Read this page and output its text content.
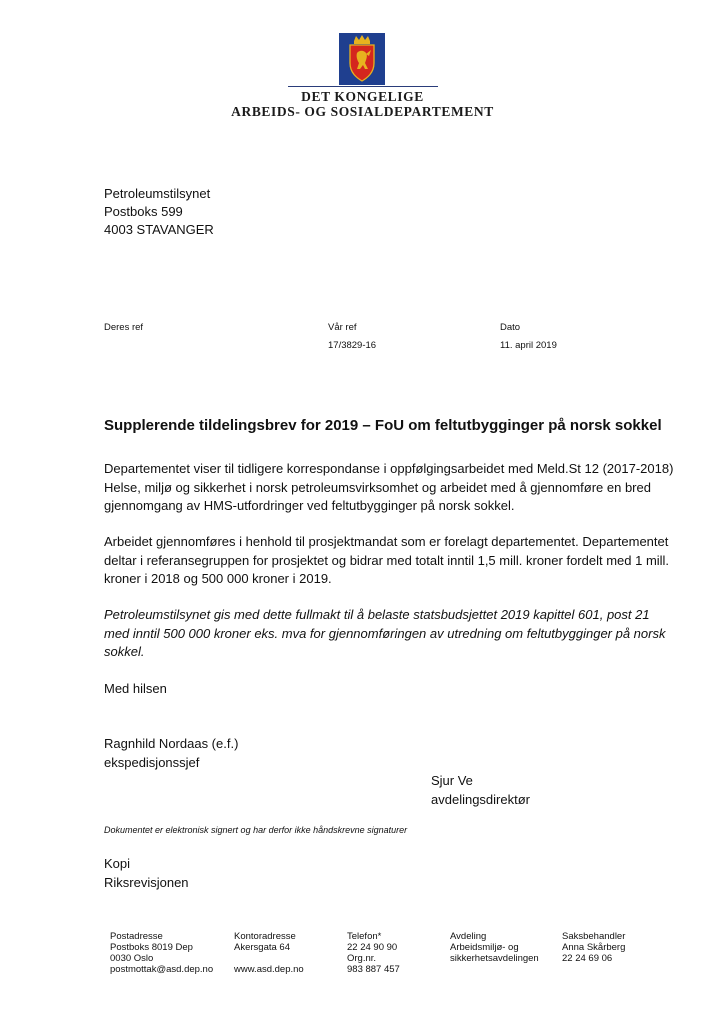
DET KONGELIGE
ARBEIDS- OG SOSIALDEPARTEMENT
Petroleumstilsynet
Postboks 599
4003 STAVANGER
Deres ref	Vår ref
17/3829-16
Dato
11. april 2019
Supplerende tildelingsbrev for 2019 – FoU om feltutbygginger på norsk sokkel
Departementet viser til tidligere korrespondanse i oppfølgingsarbeidet med Meld.St 12 (2017-2018) Helse, miljø og sikkerhet i norsk petroleumsvirksomhet og arbeidet med å gjennomføre en bred gjennomgang av HMS-utfordringer ved feltutbygginger på norsk sokkel.
Arbeidet gjennomføres i henhold til prosjektmandat som er forelagt departementet. Departementet deltar i referansegruppen for prosjektet og bidrar med totalt inntil 1,5 mill. kroner fordelt med 1 mill. kroner i 2018 og 500 000 kroner i 2019.
Petroleumstilsynet gis med dette fullmakt til å belaste statsbudsjettet 2019 kapittel 601, post 21 med inntil 500 000 kroner eks. mva for gjennomføringen av utredning om feltutbygginger på norsk sokkel.
Med hilsen
Ragnhild Nordaas (e.f.)
ekspedisjonssjef
Sjur Ve
avdelingsdirektør
Dokumentet er elektronisk signert og har derfor ikke håndskrevne signaturer
Kopi
Riksrevisjonen
Postadresse
Postboks 8019 Dep
0030 Oslo
postmottak@asd.dep.no
Kontoradresse
Akersgata 64
www.asd.dep.no
Telefon*
22 24 90 90
Org.nr.
983 887 457
Avdeling
Arbeidsmiljø- og
sikkerhetsavdelingen
Saksbehandler
Anna Skårberg
22 24 69 06
